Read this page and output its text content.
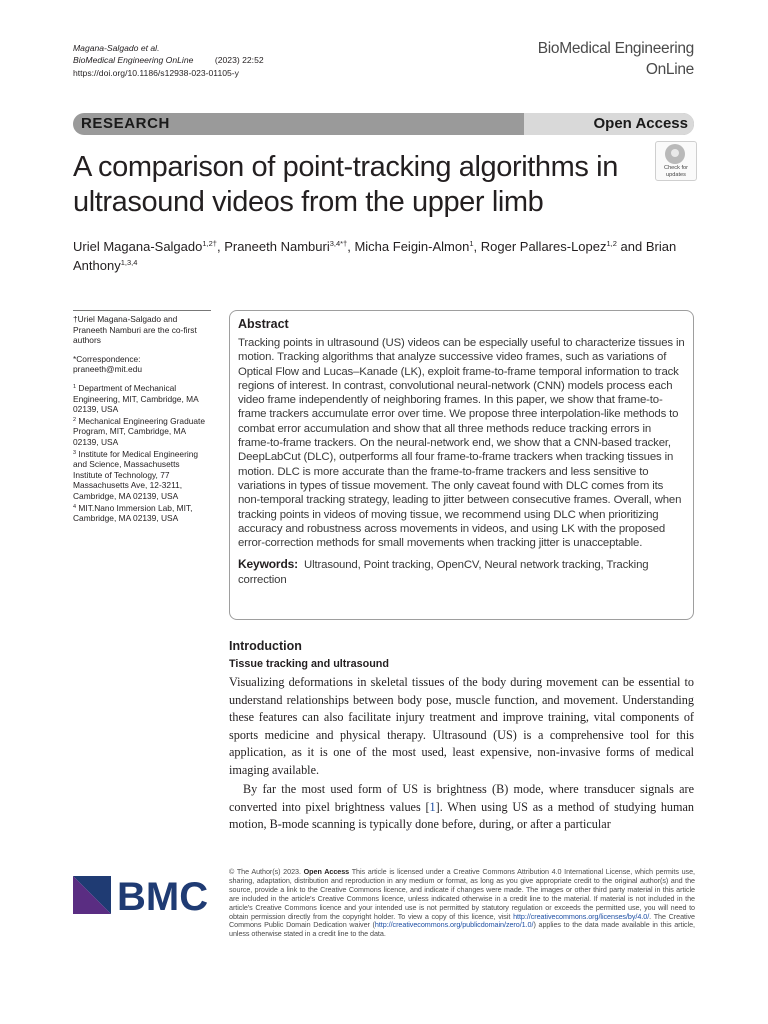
Magana-Salgado et al.
BioMedical Engineering OnLine	(2023) 22:52
https://doi.org/10.1186/s12938-023-01105-y
BioMedical Engineering
OnLine
RESEARCH	Open Access
A comparison of point-tracking algorithms in ultrasound videos from the upper limb
Check for
updates
Uriel Magana-Salgado$^{1,2\dagger}$, Praneeth Namburi$^{3,4*\dagger}$, Micha Feigin-Almon$^1$, Roger Pallares-Lopez$^{1,2}$ and Brian Anthony$^{1,3,4}$
†Uriel Magana-Salgado and Praneeth Namburi are the co-first authors
*Correspondence:
praneeth@mit.edu
$^1$ Department of Mechanical Engineering, MIT, Cambridge, MA 02139, USA
$^2$ Mechanical Engineering Graduate Program, MIT, Cambridge, MA 02139, USA
$^3$ Institute for Medical Engineering and Science, Massachusetts Institute of Technology, 77 Massachusetts Ave, 12-3211, Cambridge, MA 02139, USA
$^4$ MIT.Nano Immersion Lab, MIT, Cambridge, MA 02139, USA
Abstract
Tracking points in ultrasound (US) videos can be especially useful to characterize tissues in motion. Tracking algorithms that analyze successive video frames, such as variations of Optical Flow and Lucas–Kanade (LK), exploit frame-to-frame temporal information to track regions of interest. In contrast, convolutional neural-network (CNN) models process each video frame independently of neighboring frames. In this paper, we show that frame-to-frame trackers accumulate error over time. We propose three interpolation-like methods to combat error accumulation and show that all three methods reduce tracking errors in frame-to-frame trackers. On the neural-network end, we show that a CNN-based tracker, DeepLabCut (DLC), outperforms all four frame-to-frame trackers when tracking tissues in motion. DLC is more accurate than the frame-to-frame trackers and less sensitive to variations in types of tissue movement. The only caveat found with DLC comes from its non-temporal tracking strategy, leading to jitter between consecutive frames. Overall, when tracking points in videos of moving tissue, we recommend using DLC when prioritizing accuracy and robustness across movements in videos, and using LK with the proposed error-correction methods for small movements when tracking jitter is unacceptable.
Keywords: Ultrasound, Point tracking, OpenCV, Neural network tracking, Tracking correction
Introduction
Tissue tracking and ultrasound

Visualizing deformations in skeletal tissues of the body during movement can be essential to understand relationships between body pose, muscle function, and movement. Understanding these features can also facilitate injury treatment and improve training, vital components of sports medicine and physical therapy. Ultrasound (US) is a comprehensive tool for this application, as it is one of the most used, least expensive, non-invasive forms of medical imaging available.

By far the most used form of US is brightness (B) mode, where transducer signals are converted into pixel brightness values [1]. When using US as a method of studying human motion, B-mode scanning is typically done before, during, or after a particular

BMC
© The Author(s) 2023. Open Access This article is licensed under a Creative Commons Attribution 4.0 International License, which permits use, sharing, adaptation, distribution and reproduction in any medium or format, as long as you give appropriate credit to the original author(s) and the source, provide a link to the Creative Commons licence, and indicate if changes were made. The images or other third party material in this article are included in the article's Creative Commons licence, unless indicated otherwise in a credit line to the material. If material is not included in the article's Creative Commons licence and your intended use is not permitted by statutory regulation or exceeds the permitted use, you will need to obtain permission directly from the copyright holder. To view a copy of this licence, visit http://creativecommons.org/licenses/by/4.0/. The Creative Commons Public Domain Dedication waiver (http://creativecommons.org/publicdomain/zero/1.0/) applies to the data made available in this article, unless otherwise stated in a credit line to the data.
